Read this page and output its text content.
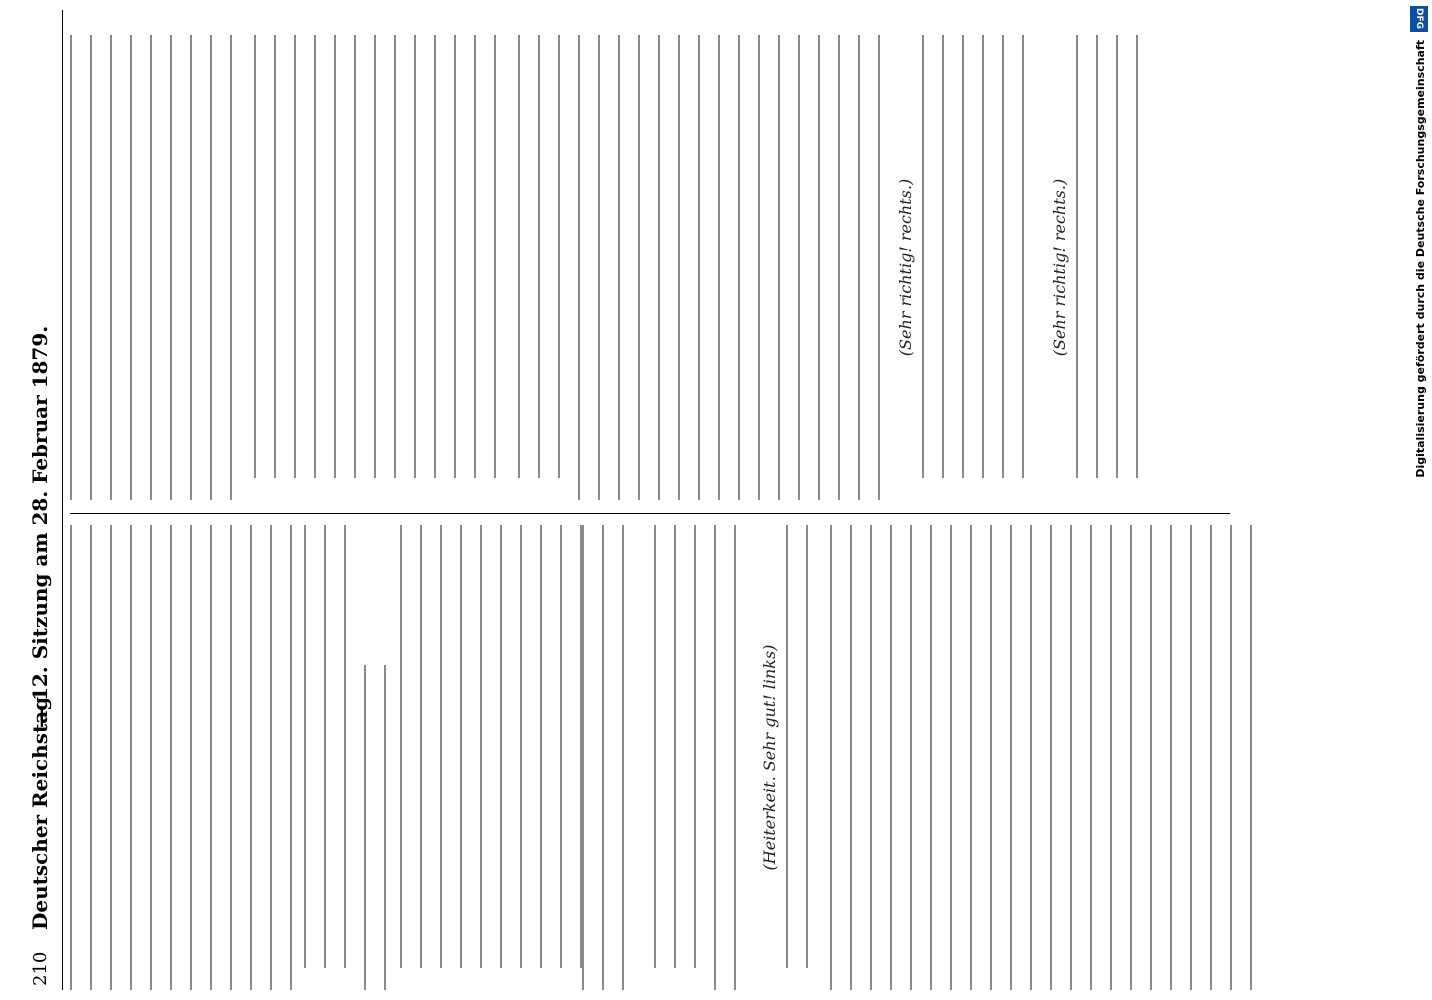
210
Deutscher Reichstag.
— 12. Sitzung am 28. Februar 1879.
(Heiterkeit. Sehr gut! links)
(Sehr richtig! rechts.)	(Sehr richtig! rechts.)
DFG
Digitalisierung gefördert durch die Deutsche Forschungsgemeinschaft
